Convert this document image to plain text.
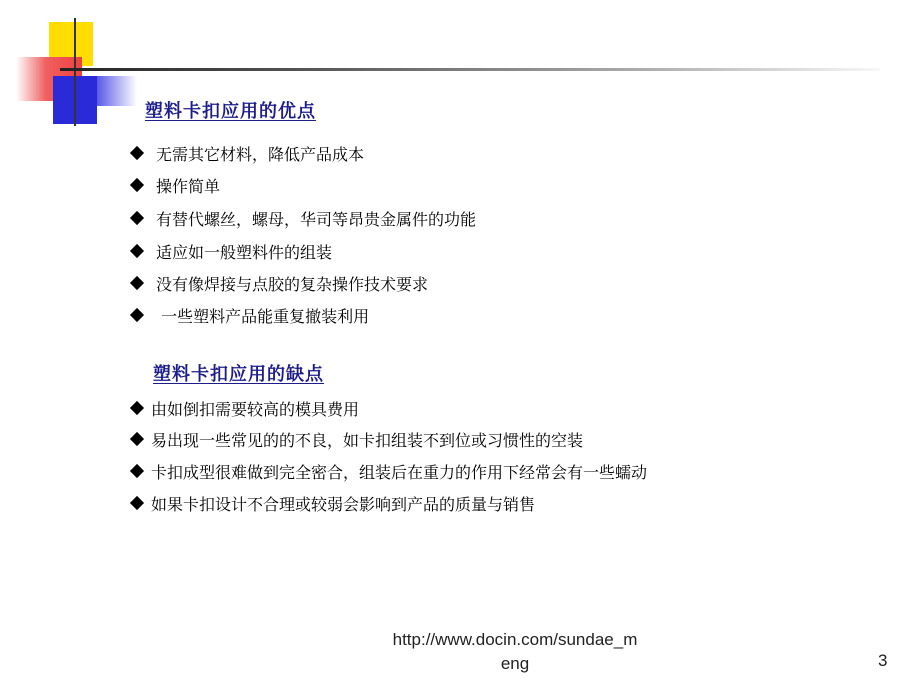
塑料卡扣应用的优点
无需其它材料，降低产品成本
操作简单
有替代螺丝，螺母，华司等昂贵金属件的功能
适应如一般塑料件的组装
没有像焊接与点胶的复杂操作技术要求
一些塑料产品能重复撤装利用
塑料卡扣应用的缺点
由如倒扣需要较高的模具费用
易出现一些常见的的不良，如卡扣组装不到位或习惯性的空装
卡扣成型很难做到完全密合，组装后在重力的作用下经常会有一些蠕动
如果卡扣设计不合理或较弱会影响到产品的质量与销售
http://www.docin.com/sundae_m
eng	3
